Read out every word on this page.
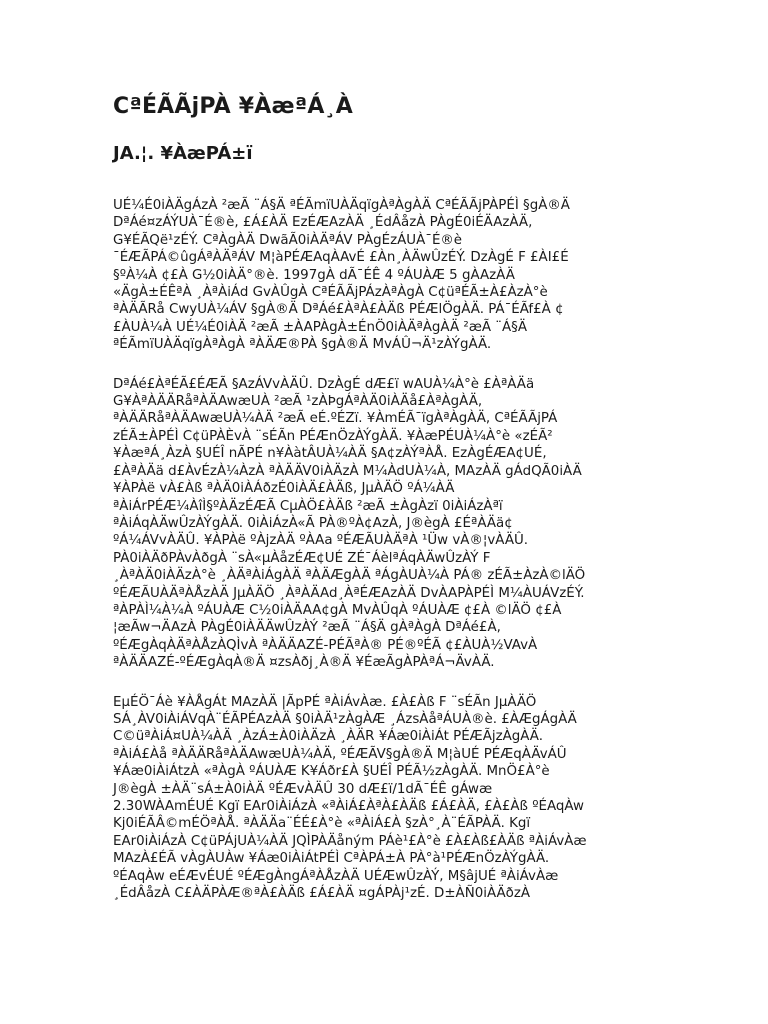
CªÉÃÃjPÀ ¥ÀæªÁ¸À
JA.¦. ¥ÀæPÁ±ï

UÉ¼É0iÀÄgÁzÀ ²æÃ ¨Á§Ä ªÉÃmïUÀÄqïgÀªÀgÀÄ CªÉÃÃjPÀPÉÌ §gÀ®Ä
DªÁé¤zÁÝUÀ¯É®è, £Á£ÀÄ EzÉÆAzÀÄ ¸ÉdÂåzÀ PÀgÉ0iÉÄAzÀÄ,
G¥ÉÃQë¹zÉÝ. CªÀgÀÄ DwãÃ0iÀÄªÁV PÀgÉzÁUÀ¯É®è
¯ÉÆÃPÁ©ûgÁªÀÄªÁV M¦àPÉÆAqÀAvÉ £Àn¸ÀÄwÛzÉÝ. DzÀgÉ F £ÀI£É
§ºÀ¼À ¢£À G½0iÀÄ°®è. 1997gÀ dÃ¯ÉÊ 4 ºÁUÀÆ 5 gÀAzÀÄ
«ÄgÀ±ÉÊªÀ ¸ÀªÀiÁd GvÀÛgÀ CªÉÃÃjPÁzÀªÀgÀ C¢üªÉÃ±À£ÀzÀ°è
ªÀÄÃRå CwyUÀ¼ÁV §gÀ®Ä DªÁé£ÀªÀ£ÀÄß PÉÆlÖgÀÄ. PÁ¯ÉÃf£À ¢
£ÀUÀ¼À UÉ¼É0iÀÄ ²æÃ ±ÀAPÀgÀ±ÉnÖ0iÀÄªÀgÀÄ ²æÃ ¨Á§Ä
ªÉÃmïUÀÄqïgÀªÀgÀ ªÀÄÆ®PÀ §gÀ®Ä MvÁÛ¬Ä¹zÀÝgÀÄ.

DªÁé£ÀªÉÃ£ÉÆÃ §AzÁVvÀÄÛ. DzÀgÉ dÆ£ï wAUÀ¼À°è £ÀªÀÄä
G¥ÀªÀÄÄRåªÀÄAwæUÀ ²æÃ ¹zÀÞgÁªÀÄ0iÀÄå£ÀªÀgÀÄ,
ªÀÄÄRåªÀÄAwæUÀ¼ÀÄ ²æÃ eÉ.ºÉZï. ¥ÀmÉÃ¯ïgÀªÀgÀÄ, CªÉÃÃjPÁ
zÉÃ±ÀPÉÌ C¢üPÀÈvÀ ¨sÉÃn PÉÆnÖzÀÝgÀÄ. ¥ÀæPÉUÀ¼À°è «zÉÃ²
¥ÀæªÁ¸ÀzÀ §UÉÎ nÃPÉ n¥ÀàtÂUÀ¼ÀÄ §A¢zÀÝªÀÅ. EzÀgÉÆA¢UÉ,
£ÀªÀÄä d£ÀvÉzÀ¼ÀzÀ ªÀÄÄV0iÀÄzÀ M¼ÀdUÀ¼À, MAzÀÄ gÁdQÃ0iÀÄ
¥ÀPÀë vÀ£Àß ªÀÄ0iÀÁðzÉ0iÀÄ£ÀÄß, JµÀÄÖ ºÁ¼ÀÄ
ªÀiÁrPÉÆ¼ÀîÌ§ºÀÄzÉÆÃ CµÀÖ£ÀÄß ²æÃ ±ÀgÀzï 0iÀiÁzÀªï
ªÀiÁqÀÄwÛzÀÝgÀÄ. 0iÀiÁzÀ«Ã PÀ®ºÀ¢AzÀ, J®ègÀ £ÉªÀÄä¢
ºÁ¼ÁVvÀÄÛ. ¥ÀPÀë ºÀjzÀÄ ºÀAa ºÉÆÃUÀÄªÀ ¹Üw vÀ®¦vÀÄÛ.
PÀ0iÀÄðPÀvÀðgÀ ¨sÀ«µÀåzÉÆ¢UÉ ZÉ¯ÁèlªÁqÀÄwÛzÀÝ F
¸ÀªÀÄ0iÀÄzÀ°è ¸ÀÄªÀiÁgÀÄ ªÀÄÆgÀÄ ªÁgÀUÀ¼À PÁ® zÉÃ±ÀzÀ©lÄÖ
ºÉÆÃUÀÄªÀÅzÀÄ JµÀÄÖ ¸ÀªÀÄAd¸ÀªÉÆAzÀÄ DvÀAPÀPÉÌ M¼ÀUÁVzÉÝ.
ªÀPÀÌ¼À¼À ºÁUÀÆ C½0iÀÄAA¢gÀ MvÀÛqÀ ºÁUÀÆ ¢£À ©lÄÖ ¢£À
¦æÃw¬ÄAzÀ PÀgÉ0iÀÄÄwÛzÀÝ ²æÃ ¨Á§Ä gÀªÀgÀ DªÁé£À,
ºÉÆgÀqÀÄªÀÅzÀQÌvÀ ªÀÄÄAZÉ-PÉÃªÀ® PÉ®ºÉÃ ¢£ÀUÀ½VAvÀ
ªÀÄÄAZÉ-ºÉÆgÀqÀ®Ä ¤zsÀðj¸À®Ä ¥ÉæÃgÀPÀªÁ¬ÄvÀÄ.

EµÉÖ¯Áè ¥ÀÅgÁt MAzÀÄ |ÃpPÉ ªÀiÁvÀæ. £À£Àß F ¨sÉÃn JµÀÄÖ
SÁ¸ÀV0iÀiÁVqÀ¨ÉÃPÉAzÀÄ §0iÀÄ¹zÀgÀÆ ¸ÁzsÀåªÁUÀ®è. £ÀÆgÁgÀÄ
C©üªÀiÁ¤UÀ¼ÀÄ ¸ÀzÁ±À0iÀÄzÀ ¸ÀÄR ¥Áæ0iÀiÁt PÉÆÃjzÀgÀÄ.
ªÀiÁ£Àå ªÀÄÄRåªÀÄAwæUÀ¼ÀÄ, ºÉÆÃV§gÀ®Ä M¦àUÉ PÉÆqÀÄvÁÛ
¥Áæ0iÀiÁtzÀ «ªÀgÀ ºÁUÀÆ K¥Áðr£À §UÉÎ PÉÃ½zÀgÀÄ. MnÖ£À°è
J®ègÀ ±ÀÄ¨sÁ±À0iÀÄ ºÉÆvÀÄÛ 30 dÆ£ï/1dÃ¯ÉÊ gÁwæ
2.30WÀAmÉUÉ Kgï EAr0iÀiÁzÀ «ªÀiÁ£ÀªÀ£ÀÄß £Á£ÀÄ, £À£Àß ºÉAqÀw
Kj0iÉÃÂ©mÉÖªÀÅ. ªÀÄÄa¨ÉÉ£À°è «ªÀiÁ£À §zÀ°¸À¨ÉÃPÀÄ. Kgï
EAr0iÀiÁzÀ C¢üPÁjUÀ¼ÀÄ JQÌPÀÄåným PÁè¹£À°è £À£Àß£ÀÄß ªÀiÁvÀæ
MAzÀ£ÉÃ vÀgÀUÀw ¥Áæ0iÀiÁtPÉÌ CªÀPÁ±À PÀ°à¹PÉÆnÖzÀÝgÀÄ.
ºÉAqÀw eÉÆvÉUÉ ºÉÆgÀngÁªÀÅzÀÄ UÉÆwÛzÀÝ, M§âjUÉ ªÀiÁvÀæ
¸ÉdÂåzÀ C£ÀÄPÀÆ®ªÀ£ÀÄß £Á£ÀÄ ¤gÁPÀj¹zÉ. D±ÀÑ0iÀÄðzÀ
